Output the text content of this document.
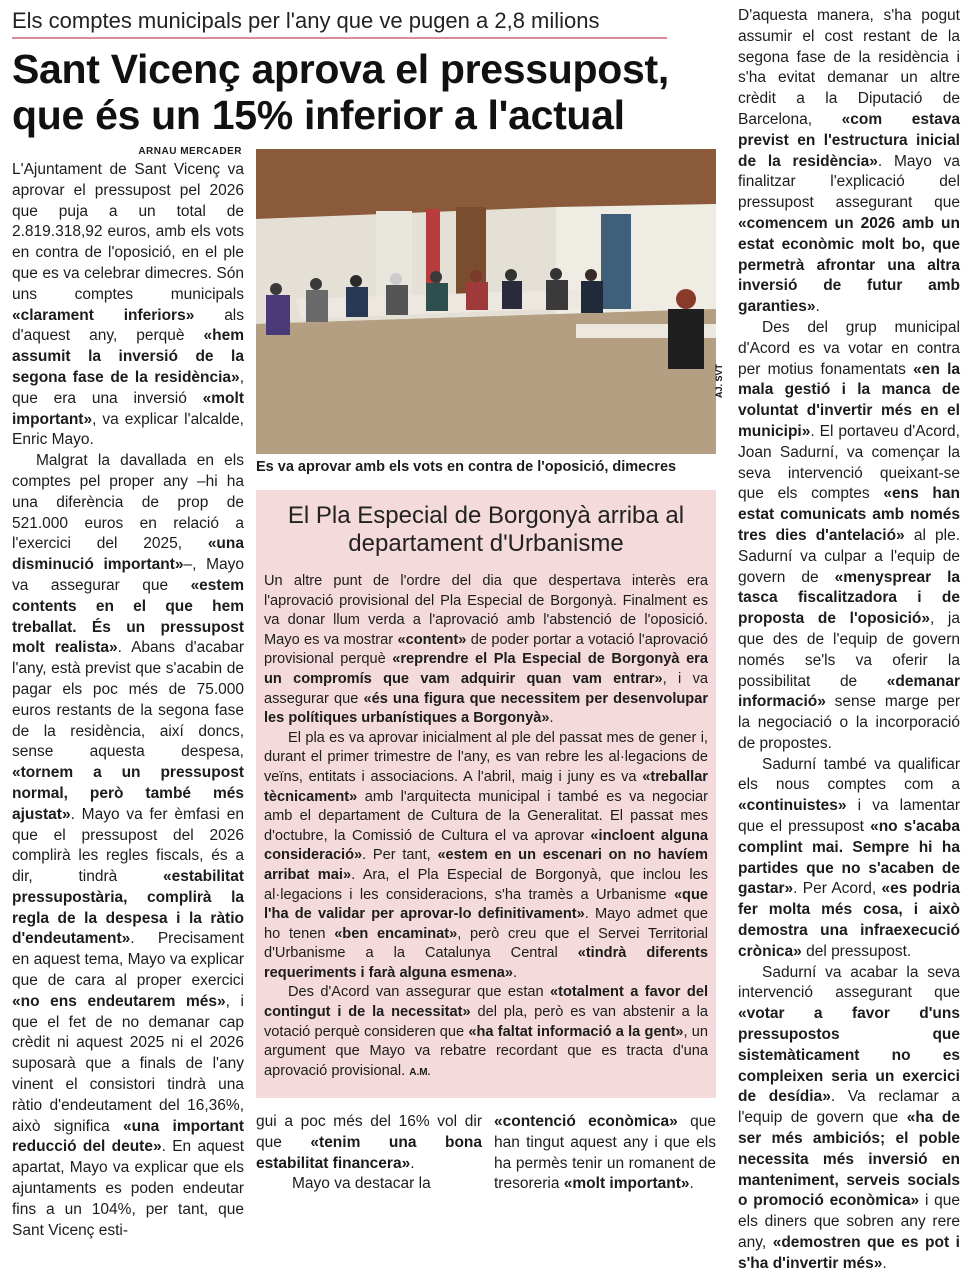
Els comptes municipals per l'any que ve pugen a 2,8 milions
Sant Vicenç aprova el pressupost, que és un 15% inferior a l'actual
ARNAU MERCADER

L'Ajuntament de Sant Vicenç va aprovar el pressupost pel 2026 que puja a un total de 2.819.318,92 euros, amb els vots en contra de l'oposició, en el ple que es va celebrar dimecres. Són uns comptes municipals «clarament inferiors» als d'aquest any, perquè «hem assumit la inversió de la segona fase de la residència», que era una inversió «molt important», va explicar l'alcalde, Enric Mayo.

Malgrat la davallada en els comptes pel proper any –hi ha una diferència de prop de 521.000 euros en relació a l'exercici del 2025, «una disminució important»–, Mayo va assegurar que «estem contents en el que hem treballat. És un pressupost molt realista». Abans d'acabar l'any, està previst que s'acabin de pagar els poc més de 75.000 euros restants de la segona fase de la residència, així doncs, sense aquesta despesa, «tornem a un pressupost normal, però també més ajustat». Mayo va fer èmfasi en que el pressupost del 2026 complirà les regles fiscals, és a dir, tindrà «estabilitat pressupostària, complirà la regla de la despesa i la ràtio d'endeutament». Precisament en aquest tema, Mayo va explicar que de cara al proper exercici «no ens endeutarem més», i que el fet de no demanar cap crèdit ni aquest 2025 ni el 2026 suposarà que a finals de l'any vinent el consistori tindrà una ràtio d'endeutament del 16,36%, això significa «una important reducció del deute». En aquest apartat, Mayo va explicar que els ajuntaments es poden endeutar fins a un 104%, per tant, que Sant Vicenç esti-

AJ. SVT
Es va aprovar amb els vots en contra de l'oposició, dimecres
El Pla Especial de Borgonyà arriba al departament d'Urbanisme

Un altre punt de l'ordre del dia que despertava interès era l'aprovació provisional del Pla Especial de Borgonyà. Finalment es va donar llum verda a l'aprovació amb l'abstenció de l'oposició. Mayo es va mostrar «content» de poder portar a votació l'aprovació provisional perquè «reprendre el Pla Especial de Borgonyà era un compromís que vam adquirir quan vam entrar», i va assegurar que «és una figura que necessitem per desenvolupar les polítiques urbanístiques a Borgonyà».

El pla es va aprovar inicialment al ple del passat mes de gener i, durant el primer trimestre de l'any, es van rebre les al·legacions de veïns, entitats i associacions. A l'abril, maig i juny es va «treballar tècnicament» amb l'arquitecta municipal i també es va negociar amb el departament de Cultura de la Generalitat. El passat mes d'octubre, la Comissió de Cultura el va aprovar «incloent alguna consideració». Per tant, «estem en un escenari on no havíem arribat mai». Ara, el Pla Especial de Borgonyà, que inclou les al·legacions i les consideracions, s'ha tramès a Urbanisme «que l'ha de validar per aprovar-lo definitivament». Mayo admet que ho tenen «ben encaminat», però creu que el Servei Territorial d'Urbanisme a la Catalunya Central «tindrà diferents requeriments i farà alguna esmena».

Des d'Acord van assegurar que estan «totalment a favor del contingut i de la necessitat» del pla, però es van abstenir a la votació perquè consideren que «ha faltat informació a la gent», un argument que Mayo va rebatre recordant que es tracta d'una aprovació provisional. A.M.

gui a poc més del 16% vol dir que «tenim una bona estabilitat financera».

Mayo va destacar la

«contenció econòmica» que han tingut aquest any i que els ha permès tenir un romanent de tresoreria «molt important».

D'aquesta manera, s'ha pogut assumir el cost restant de la segona fase de la residència i s'ha evitat demanar un altre crèdit a la Diputació de Barcelona, «com estava previst en l'estructura inicial de la residència». Mayo va finalitzar l'explicació del pressupost assegurant que «comencem un 2026 amb un estat econòmic molt bo, que permetrà afrontar una altra inversió de futur amb garanties».

Des del grup municipal d'Acord es va votar en contra per motius fonamentats «en la mala gestió i la manca de voluntat d'invertir més en el municipi». El portaveu d'Acord, Joan Sadurní, va començar la seva intervenció queixant-se que els comptes «ens han estat comunicats amb només tres dies d'antelació» al ple. Sadurní va culpar a l'equip de govern de «menysprear la tasca fiscalitzadora i de proposta de l'oposició», ja que des de l'equip de govern només se'ls va oferir la possibilitat de «demanar informació» sense marge per la negociació o la incorporació de propostes.

Sadurní també va qualificar els nous comptes com a «continuistes» i va lamentar que el pressupost «no s'acaba complint mai. Sempre hi ha partides que no s'acaben de gastar». Per Acord, «es podria fer molta més cosa, i això demostra una infraexecució crònica» del pressupost.

Sadurní va acabar la seva intervenció assegurant que «votar a favor d'uns pressupostos que sistemàticament no es compleixen seria un exercici de desídia». Va reclamar a l'equip de govern que «ha de ser més ambiciós; el poble necessita més inversió en manteniment, serveis socials o promoció econòmica» i que els diners que sobren any rere any, «demostren que es pot i s'ha d'invertir més».
